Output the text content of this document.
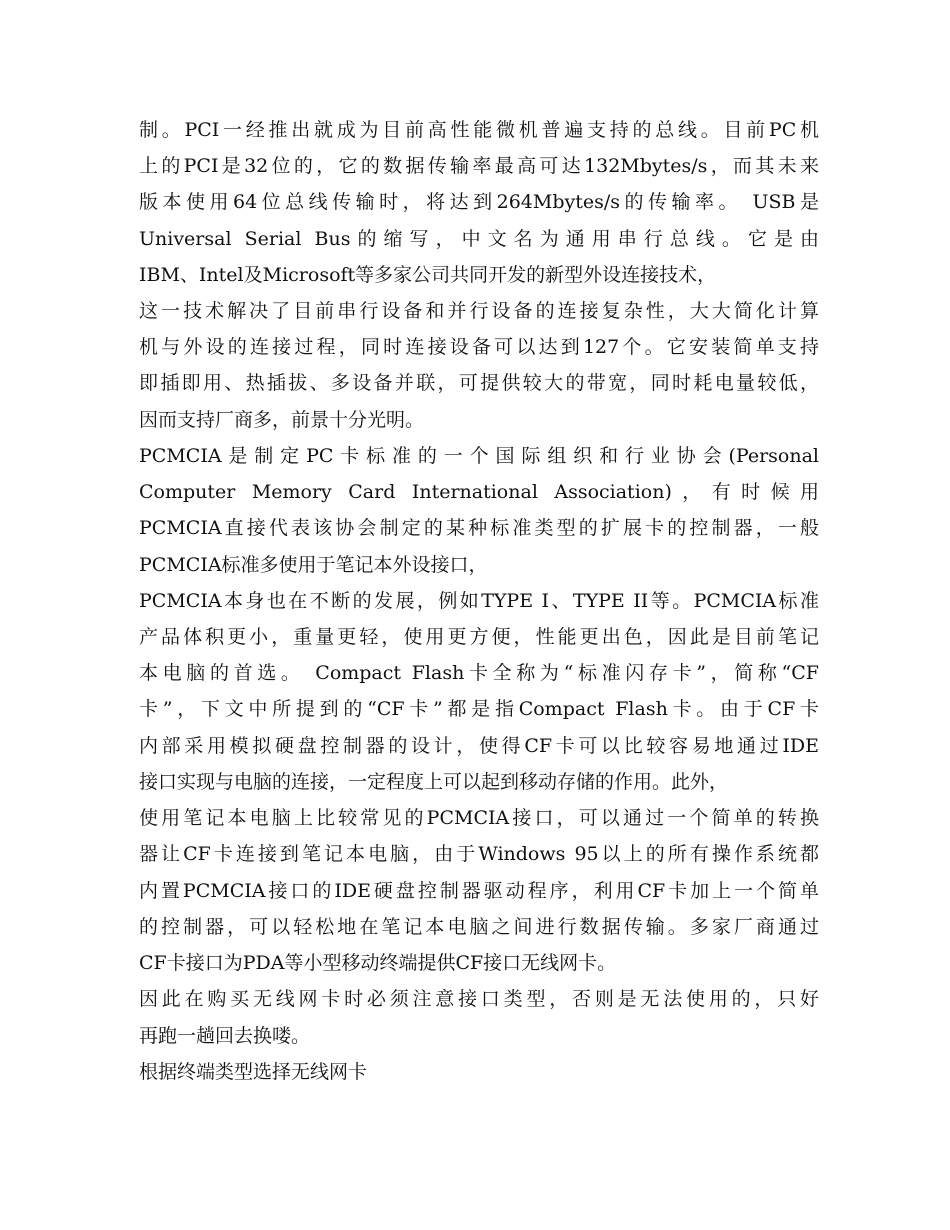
制。PCI一经推出就成为目前高性能微机普遍支持的总线。目前PC机
上的PCI是32位的，它的数据传输率最高可达132Mbytes/s，而其未来
版本使用64位总线传输时，将达到264Mbytes/s的传输率。 USB是
Universal Serial Bus的缩写，中文名为通用串行总线。它是由
IBM、Intel及Microsoft等多家公司共同开发的新型外设连接技术，
这一技术解决了目前串行设备和并行设备的连接复杂性，大大简化计算
机与外设的连接过程，同时连接设备可以达到127个。它安装简单支持
即插即用、热插拔、多设备并联，可提供较大的带宽，同时耗电量较低，
因而支持厂商多，前景十分光明。
PCMCIA是制定PC卡标准的一个国际组织和行业协会(Personal
Computer Memory Card International Association)，有时候用
PCMCIA直接代表该协会制定的某种标准类型的扩展卡的控制器，一般
PCMCIA标准多使用于笔记本外设接口，
PCMCIA本身也在不断的发展，例如TYPE I、TYPE II等。PCMCIA标准
产品体积更小，重量更轻，使用更方便，性能更出色，因此是目前笔记
本电脑的首选。 Compact Flash卡全称为“标准闪存卡”，简称“CF
卡”，下文中所提到的“CF卡”都是指Compact Flash卡。由于CF卡
内部采用模拟硬盘控制器的设计，使得CF卡可以比较容易地通过IDE
接口实现与电脑的连接，一定程度上可以起到移动存储的作用。此外，
使用笔记本电脑上比较常见的PCMCIA接口，可以通过一个简单的转换
器让CF卡连接到笔记本电脑，由于Windows 95以上的所有操作系统都
内置PCMCIA接口的IDE硬盘控制器驱动程序，利用CF卡加上一个简单
的控制器，可以轻松地在笔记本电脑之间进行数据传输。多家厂商通过
CF卡接口为PDA等小型移动终端提供CF接口无线网卡。
因此在购买无线网卡时必须注意接口类型，否则是无法使用的，只好
再跑一趟回去换喽。
根据终端类型选择无线网卡
